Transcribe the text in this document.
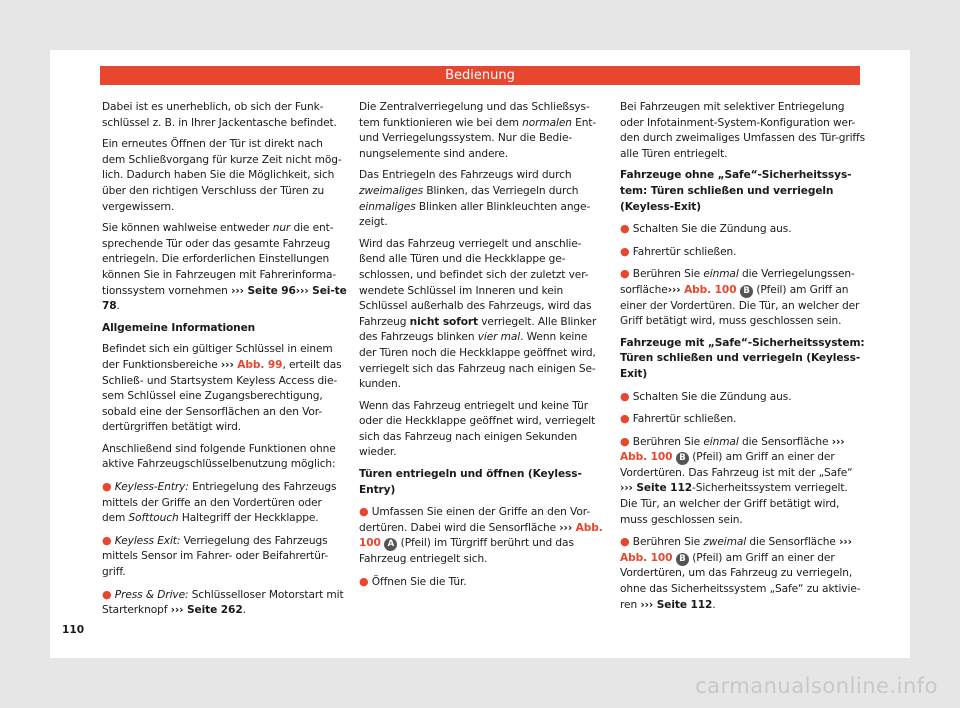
Bedienung

Dabei ist es unerheblich, ob sich der Funk-schlüssel z. B. in Ihrer Jackentasche befindet.

Ein erneutes Öffnen der Tür ist direkt nach dem Schließvorgang für kurze Zeit nicht mög-lich. Dadurch haben Sie die Möglichkeit, sich über den richtigen Verschluss der Türen zu vergewissern.

Sie können wahlweise entweder nur die ent-sprechende Tür oder das gesamte Fahrzeug entriegeln. Die erforderlichen Einstellungen können Sie in Fahrzeugen mit Fahrerinforma-tionssystem vornehmen ››› Seite 96››› Sei-te 78.

Allgemeine Informationen

Befindet sich ein gültiger Schlüssel in einem der Funktionsbereiche ››› Abb. 99, erteilt das Schließ- und Startsystem Keyless Access die-sem Schlüssel eine Zugangsberechtigung, sobald eine der Sensorflächen an den Vor-dertürgriffen betätigt wird.

Anschließend sind folgende Funktionen ohne aktive Fahrzeugschlüsselbenutzung möglich:

● Keyless-Entry: Entriegelung des Fahrzeugs mittels der Griffe an den Vordertüren oder dem Softtouch Haltegriff der Heckklappe.

● Keyless Exit: Verriegelung des Fahrzeugs mittels Sensor im Fahrer- oder Beifahrertür-griff.

● Press & Drive: Schlüsselloser Motorstart mit Starterknopf ››› Seite 262.

Die Zentralverriegelung und das Schließsys-tem funktionieren wie bei dem normalen Ent- und Verriegelungssystem. Nur die Bedie-nungselemente sind andere.

Das Entriegeln des Fahrzeugs wird durch zweimaliges Blinken, das Verriegeln durch einmaliges Blinken aller Blinkleuchten ange-zeigt.

Wird das Fahrzeug verriegelt und anschlie-ßend alle Türen und die Heckklappe ge-schlossen, und befindet sich der zuletzt ver-wendete Schlüssel im Inneren und kein Schlüssel außerhalb des Fahrzeugs, wird das Fahrzeug nicht sofort verriegelt. Alle Blinker des Fahrzeugs blinken vier mal. Wenn keine der Türen noch die Heckklappe geöffnet wird, verriegelt sich das Fahrzeug nach einigen Se-kunden.

Wenn das Fahrzeug entriegelt und keine Tür oder die Heckklappe geöffnet wird, verriegelt sich das Fahrzeug nach einigen Sekunden wieder.

Türen entriegeln und öffnen (Keyless-Entry)

● Umfassen Sie einen der Griffe an den Vor-dertüren. Dabei wird die Sensorfläche ››› Abb. 100 A (Pfeil) im Türgriff berührt und das Fahrzeug entriegelt sich.

● Öffnen Sie die Tür.

Bei Fahrzeugen mit selektiver Entriegelung oder Infotainment-System-Konfiguration wer-den durch zweimaliges Umfassen des Tür-griffs alle Türen entriegelt.

Fahrzeuge ohne „Safe“-Sicherheitssys-tem: Türen schließen und verriegeln (Keyless-Exit)

● Schalten Sie die Zündung aus.

● Fahrertür schließen.

● Berühren Sie einmal die Verriegelungssen-sorfläche››› Abb. 100 B (Pfeil) am Griff an einer der Vordertüren. Die Tür, an welcher der Griff betätigt wird, muss geschlossen sein.

Fahrzeuge mit „Safe“-Sicherheitssystem: Türen schließen und verriegeln (Keyless-Exit)

● Schalten Sie die Zündung aus.

● Fahrertür schließen.

● Berühren Sie einmal die Sensorfläche ››› Abb. 100 B (Pfeil) am Griff an einer der Vordertüren. Das Fahrzeug ist mit der „Safe“ ››› Seite 112-Sicherheitssystem verriegelt. Die Tür, an welcher der Griff betätigt wird, muss geschlossen sein.

● Berühren Sie zweimal die Sensorfläche ››› Abb. 100 B (Pfeil) am Griff an einer der Vordertüren, um das Fahrzeug zu verriegeln, ohne das Sicherheitssystem „Safe“ zu aktivie-ren ››› Seite 112.

110
carmanualsonline.info
